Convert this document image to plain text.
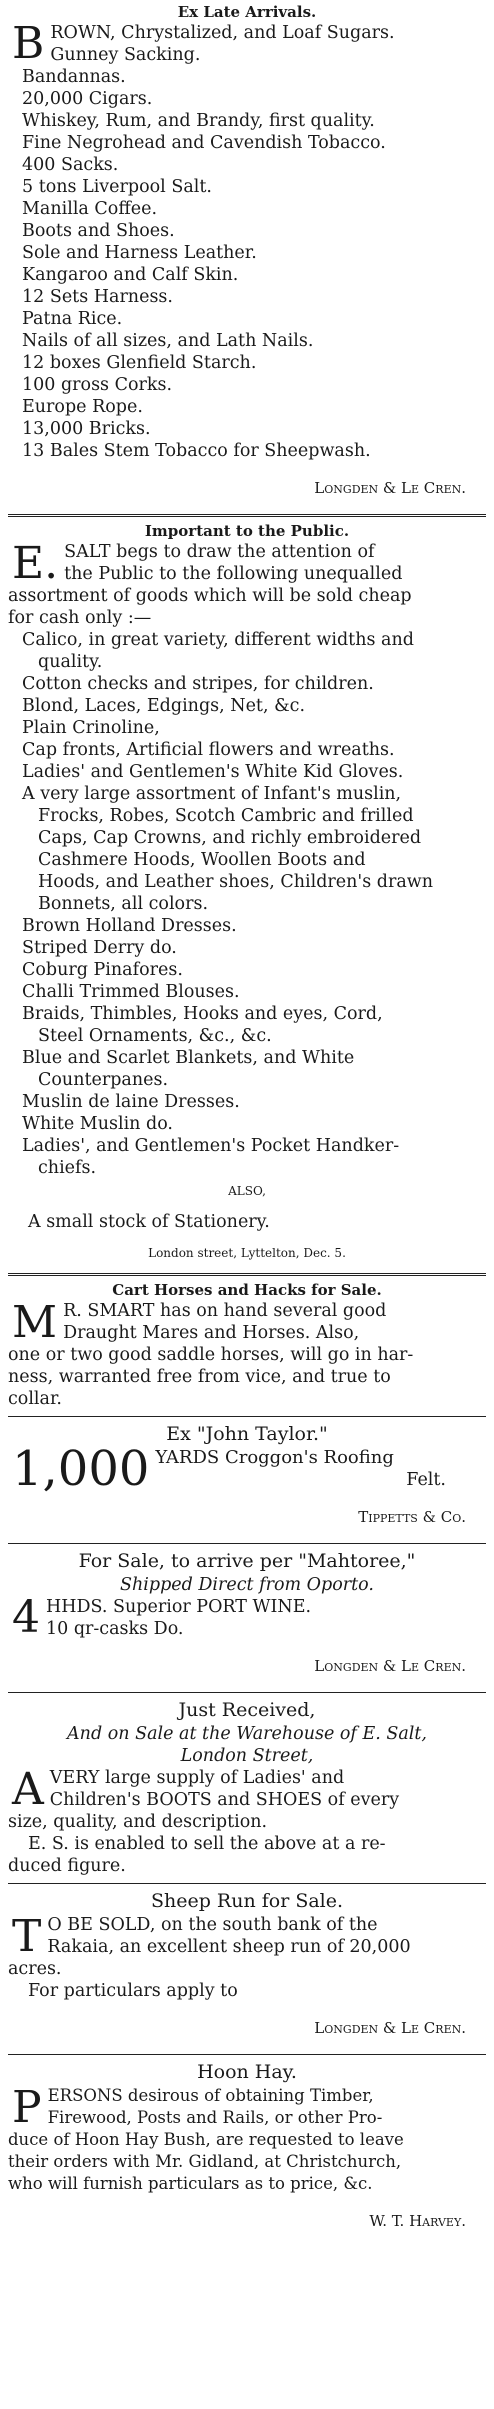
Ex Late Arrivals.

B ROWN, Chrystalized, and Loaf Sugars.

Gunney Sacking.

Bandannas.

20,000 Cigars.

Whiskey, Rum, and Brandy, first quality.

Fine Negrohead and Cavendish Tobacco.

400 Sacks.

5 tons Liverpool Salt.

Manilla Coffee.

Boots and Shoes.

Sole and Harness Leather.

Kangaroo and Calf Skin.

12 Sets Harness.

Patna Rice.

Nails of all sizes, and Lath Nails.

12 boxes Glenfield Starch.

100 gross Corks.

Europe Rope.

13,000 Bricks.

13 Bales Stem Tobacco for Sheepwash.

Longden & Le Cren.

Important to the Public.

E. SALT begs to draw the attention of

the Public to the following unequalled

assortment of goods which will be sold cheap

for cash only :—

Calico, in great variety, different widths and

quality.

Cotton checks and stripes, for children.

Blond, Laces, Edgings, Net, &c.

Plain Crinoline,

Cap fronts, Artificial flowers and wreaths.

Ladies' and Gentlemen's White Kid Gloves.

A very large assortment of Infant's muslin,

Frocks, Robes, Scotch Cambric and frilled

Caps, Cap Crowns, and richly embroidered

Cashmere Hoods, Woollen Boots and

Hoods, and Leather shoes, Children's drawn

Bonnets, all colors.

Brown Holland Dresses.

Striped Derry do.

Coburg Pinafores.

Challi Trimmed Blouses.

Braids, Thimbles, Hooks and eyes, Cord,

Steel Ornaments, &c., &c.

Blue and Scarlet Blankets, and White

Counterpanes.

Muslin de laine Dresses.

White Muslin do.

Ladies', and Gentlemen's Pocket Handker-

chiefs.

ALSO,

A small stock of Stationery.

London street, Lyttelton, Dec. 5.

Cart Horses and Hacks for Sale.

M R. SMART has on hand several good

Draught Mares and Horses. Also,

one or two good saddle horses, will go in har-

ness, warranted free from vice, and true to

collar.

Ex "John Taylor."

1,000 YARDS Croggon's Roofing

Felt.

Tippetts & Co.

For Sale, to arrive per "Mahtoree,"

Shipped Direct from Oporto.

4 HHDS. Superior PORT WINE.

10 qr-casks Do.

Longden & Le Cren.

Just Received,

And on Sale at the Warehouse of E. Salt,

London Street,

A VERY large supply of Ladies' and

Children's BOOTS and SHOES of every

size, quality, and description.

E. S. is enabled to sell the above at a re-

duced figure.

Sheep Run for Sale.

T O BE SOLD, on the south bank of the

Rakaia, an excellent sheep run of 20,000

acres.

For particulars apply to

Longden & Le Cren.

Hoon Hay.

P ERSONS desirous of obtaining Timber,

Firewood, Posts and Rails, or other Pro-

duce of Hoon Hay Bush, are requested to leave

their orders with Mr. Gidland, at Christchurch,

who will furnish particulars as to price, &c.

W. T. Harvey.
